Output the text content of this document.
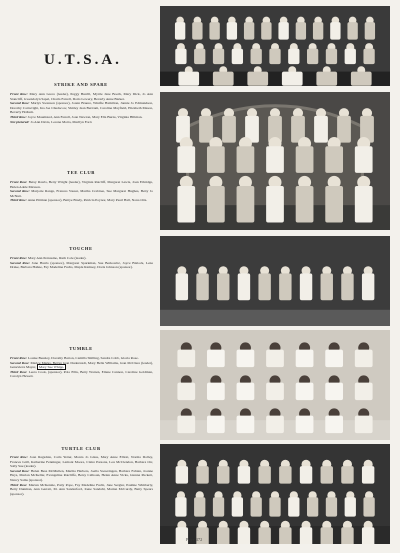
U.T.S.A.
STRIKE AND SPARE
Front Row: Mary Ann Greco (leader), Peggy Burrill, Myrtle Jane Booth, Mary Dick, Jo Ann Stancliff, Gwendolyn Sapel, Charla Farrell, Doris Lowery, Beverly Anne Barker.
Second Row: Marlys Swenson (sponsor), Joann Bruere, Winifie Hamilton, Jannie Jo Edmundson, Dorothy Cartwright, Ina Joe Chudacow, Shirley Jean Bertram, Caroline Mayfield, Elizabeth Mason, Beverly Hollum.
Third Row: Joyce Moumsted, Ann Farrell, Joan Newton, Mary Ella Burns, Virginia Hillman.
Not pictured: Jo Ann Davis, Lorene Motta, Marilyn Ford.
TEE CLUB
Front Row: Betsy Rawls, Betty Wright (leader), Virginia Ratcliff, Margaret Lewis, Joan Ethridge, Helen Adele Maxson.
Second Row: Marjorie Range, Frances Vassar, Martha Crabtree, Sue Margaret Hughes, Betty Jo McNutt.
Third Row: Anne Pittman (sponsor), Bettye Brady, Patricia Poynor, Mary Pearl Hall, Nona Otts.
TOUCHE
Front Row: Mary Ann Pernasino, Ruth Cole (leader).
Second Row: Jane Harris (sponsor), Margaret Sparkman, Sue Berkowitz, Joyce Blalock, Lena Drake, Barbara Hahne, Fay Madeline Fuchs, Maple Ramsey, Doris Johnson (sponsor).
TUMBLE
Front Row: Louise Beasley, Dorothy Barton, Camilla Shilling, Sandra Cobb, Gloria Rose.
Second Row: Marice Marks, Bettye Jean Duderstadt, Mary Belle Williams, Jean McClure (leader), Genevieve Mayer, Mary Sue Whipp.
Third Row: Leota Cook, (sponsor), Pola Ellis, Betty Warren, Eilene Cannon, Caroline Goldman, Carolyn Hewett.
TURTLE CLUB
Front Row: Joan Ragsdale, Carla Yetter, Monta Jo Glass, Mary Anne Elliott, Norma Dolley, Frances Grill, Katherine Fenninger, Lamont Moore, Claire Parsons, Lou McClendon, Barbara Orr, Sally Sue (leader).
Second Row: Helen Bess McMullen, Martha Harbers, Joella Sweeringen, Barbara Fabian, Joanne Hays, Marian McKellar, Evangeline Ratcliffe, Betsy Calhoun, Helen Anne Vicks, Glenna Puckett, Nancy Sams (sponsor).
Third Row: Marian McKenzie, Patty Pope, Fay Madeline Fucht, Jane Sergler, Pauline Wimberly, Betty Dunman, Ann Garrett, M. Ann Sanderford, Irene Sandahl, Marian McCurdy, Betty Spears (sponsor).
Page 472
